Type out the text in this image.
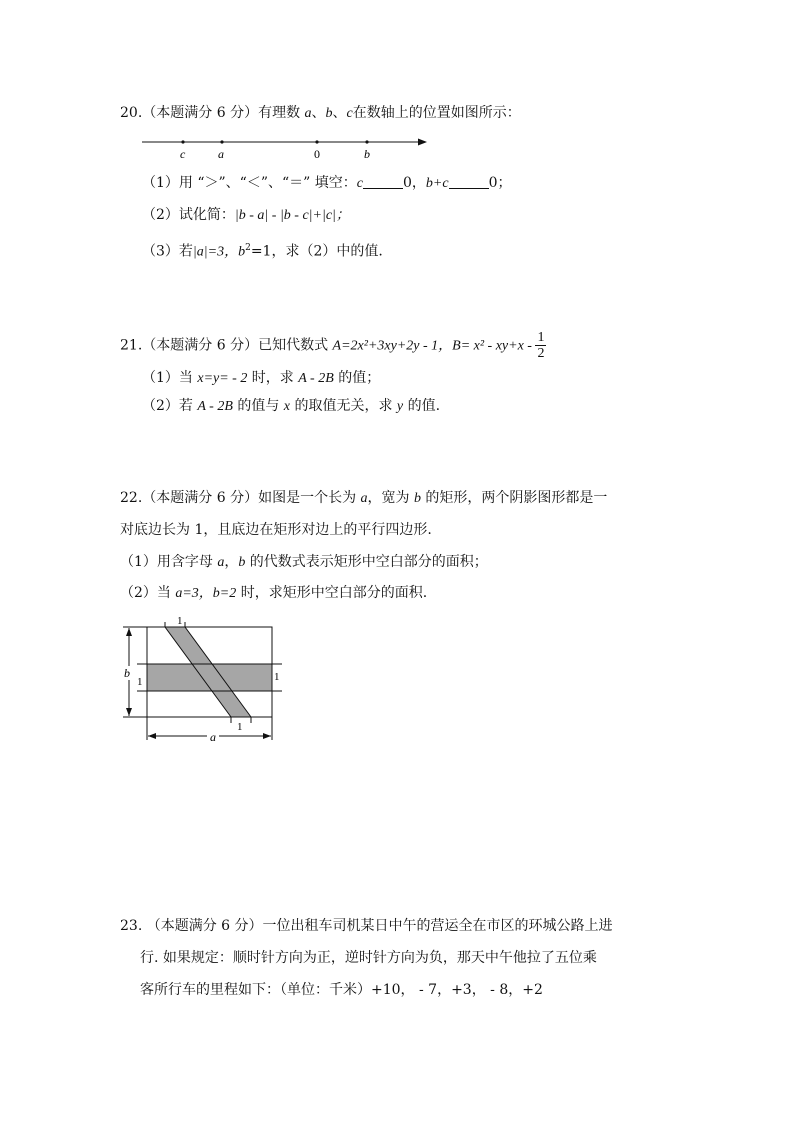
20.（本题满分 6 分）有理数 a、b、c在数轴上的位置如图所示：
c	a	0	b
（1）用 “＞”、“＜”、“＝” 填空：c	0，b+c	0；
（2）试化简：|b - a| - |b - c|+|c|；
（3）若|a|=3，$b^2=1$，求（2）中的值.
21.（本题满分 6 分）已知代数式 A=2x²+3xy+2y - 1，$B= x^2 - xy+x - \frac{1}{2}$
（1）当 x=y= - 2 时，求 A - 2B 的值；
（2）若 A - 2B 的值与 x 的取值无关，求 y 的值.
22.（本题满分 6 分）如图是一个长为 a，宽为 b 的矩形，两个阴影图形都是一
对底边长为 1，且底边在矩形对边上的平行四边形.
（1）用含字母 a，b 的代数式表示矩形中空白部分的面积；
（2）当 a=3，b=2 时，求矩形中空白部分的面积.
1
1
1	1
b
a
23. （本题满分 6 分）一位出租车司机某日中午的营运全在市区的环城公路上进
行. 如果规定：顺时针方向为正，逆时针方向为负，那天中午他拉了五位乘
客所行车的里程如下：（单位：千米）+10， - 7，+3， - 8，+2
